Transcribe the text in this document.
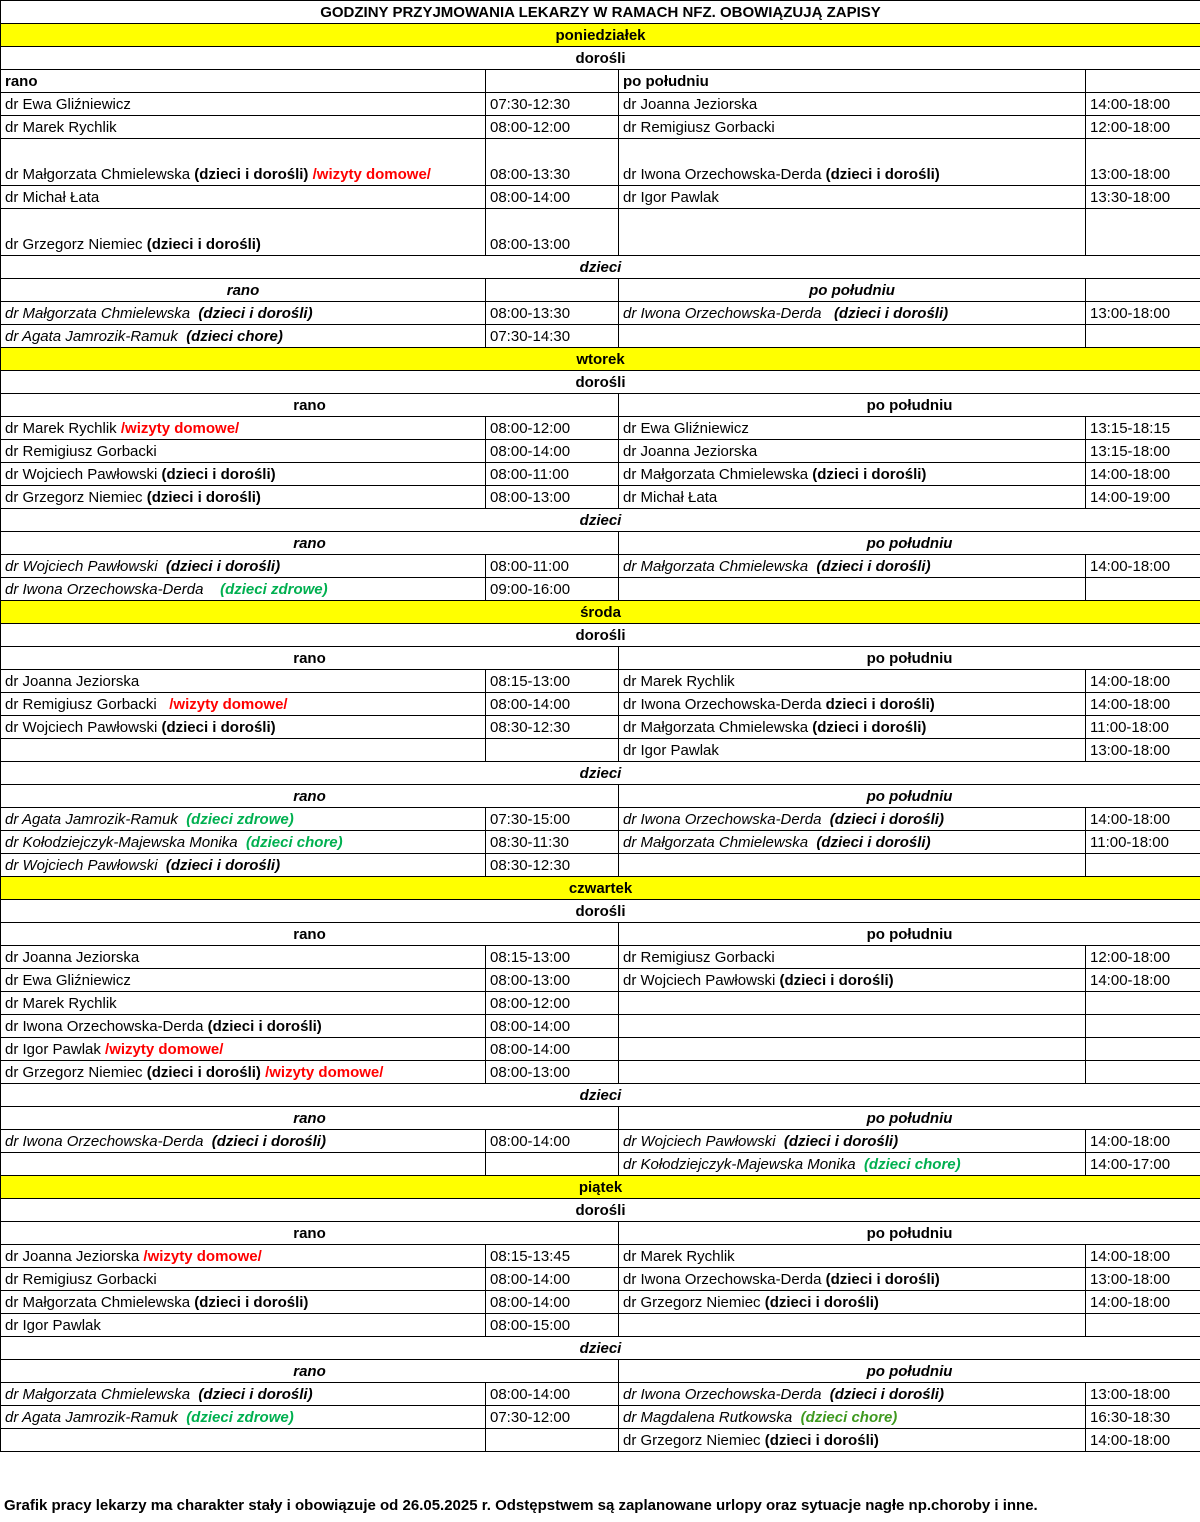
GODZINY PRZYJMOWANIA LEKARZY W RAMACH NFZ. OBOWIĄZUJĄ ZAPISY			
poniedziałek			
dorośli			
rano		po południu	
dr Ewa Gliźniewicz	07:30-12:30	dr Joanna Jeziorska	14:00-18:00
dr Marek Rychlik	08:00-12:00	dr Remigiusz Gorbacki	12:00-18:00
dr Małgorzata Chmielewska (dzieci i dorośli) /wizyty domowe/	08:00-13:30	dr Iwona Orzechowska-Derda (dzieci i dorośli)	13:00-18:00
dr Michał Łata	08:00-14:00	dr Igor Pawlak	13:30-18:00
dr Grzegorz Niemiec (dzieci i dorośli)	08:00-13:00		
dzieci			
rano		po południu	
dr Małgorzata Chmielewska (dzieci i dorośli)	08:00-13:30	dr Iwona Orzechowska-Derda (dzieci i dorośli)	13:00-18:00
dr Agata Jamrozik-Ramuk (dzieci chore)	07:30-14:30		
wtorek			
dorośli			
rano		po południu	
dr Marek Rychlik /wizyty domowe/	08:00-12:00	dr Ewa Gliźniewicz	13:15-18:15
dr Remigiusz Gorbacki	08:00-14:00	dr Joanna Jeziorska	13:15-18:00
dr Wojciech Pawłowski (dzieci i dorośli)	08:00-11:00	dr Małgorzata Chmielewska (dzieci i dorośli)	14:00-18:00
dr Grzegorz Niemiec (dzieci i dorośli)	08:00-13:00	dr Michał Łata	14:00-19:00
dzieci			
rano		po południu	
dr Wojciech Pawłowski (dzieci i dorośli)	08:00-11:00	dr Małgorzata Chmielewska (dzieci i dorośli)	14:00-18:00
dr Iwona Orzechowska-Derda (dzieci zdrowe)	09:00-16:00		
środa			
dorośli			
rano		po południu	
dr Joanna Jeziorska	08:15-13:00	dr Marek Rychlik	14:00-18:00
dr Remigiusz Gorbacki /wizyty domowe/	08:00-14:00	dr Iwona Orzechowska-Derda dzieci i dorośli)	14:00-18:00
dr Wojciech Pawłowski (dzieci i dorośli)	08:30-12:30	dr Małgorzata Chmielewska (dzieci i dorośli)	11:00-18:00
		dr Igor Pawlak	13:00-18:00
dzieci			
rano		po południu	
dr Agata Jamrozik-Ramuk (dzieci zdrowe)	07:30-15:00	dr Iwona Orzechowska-Derda (dzieci i dorośli)	14:00-18:00
dr Kołodziejczyk-Majewska Monika (dzieci chore)	08:30-11:30	dr Małgorzata Chmielewska (dzieci i dorośli)	11:00-18:00
dr Wojciech Pawłowski (dzieci i dorośli)	08:30-12:30		
czwartek			
dorośli			
rano		po południu	
dr Joanna Jeziorska	08:15-13:00	dr Remigiusz Gorbacki	12:00-18:00
dr Ewa Gliźniewicz	08:00-13:00	dr Wojciech Pawłowski (dzieci i dorośli)	14:00-18:00
dr Marek Rychlik	08:00-12:00		
dr Iwona Orzechowska-Derda (dzieci i dorośli)	08:00-14:00		
dr Igor Pawlak /wizyty domowe/	08:00-14:00		
dr Grzegorz Niemiec (dzieci i dorośli) /wizyty domowe/	08:00-13:00		
dzieci			
rano		po południu	
dr Iwona Orzechowska-Derda (dzieci i dorośli)	08:00-14:00	dr Wojciech Pawłowski (dzieci i dorośli)	14:00-18:00
		dr Kołodziejczyk-Majewska Monika (dzieci chore)	14:00-17:00
piątek			
dorośli			
rano		po południu	
dr Joanna Jeziorska /wizyty domowe/	08:15-13:45	dr Marek Rychlik	14:00-18:00
dr Remigiusz Gorbacki	08:00-14:00	dr Iwona Orzechowska-Derda (dzieci i dorośli)	13:00-18:00
dr Małgorzata Chmielewska (dzieci i dorośli)	08:00-14:00	dr Grzegorz Niemiec (dzieci i dorośli)	14:00-18:00
dr Igor Pawlak	08:00-15:00		
dzieci			
rano		po południu	
dr Małgorzata Chmielewska (dzieci i dorośli)	08:00-14:00	dr Iwona Orzechowska-Derda (dzieci i dorośli)	13:00-18:00
dr Agata Jamrozik-Ramuk (dzieci zdrowe)	07:30-12:00	dr Magdalena Rutkowska (dzieci chore)	16:30-18:30
		dr Grzegorz Niemiec (dzieci i dorośli)	14:00-18:00
Grafik pracy lekarzy ma charakter stały i obowiązuje od 26.05.2025 r. Odstępstwem są zaplanowane urlopy oraz sytuacje nagłe np.choroby i inne.
